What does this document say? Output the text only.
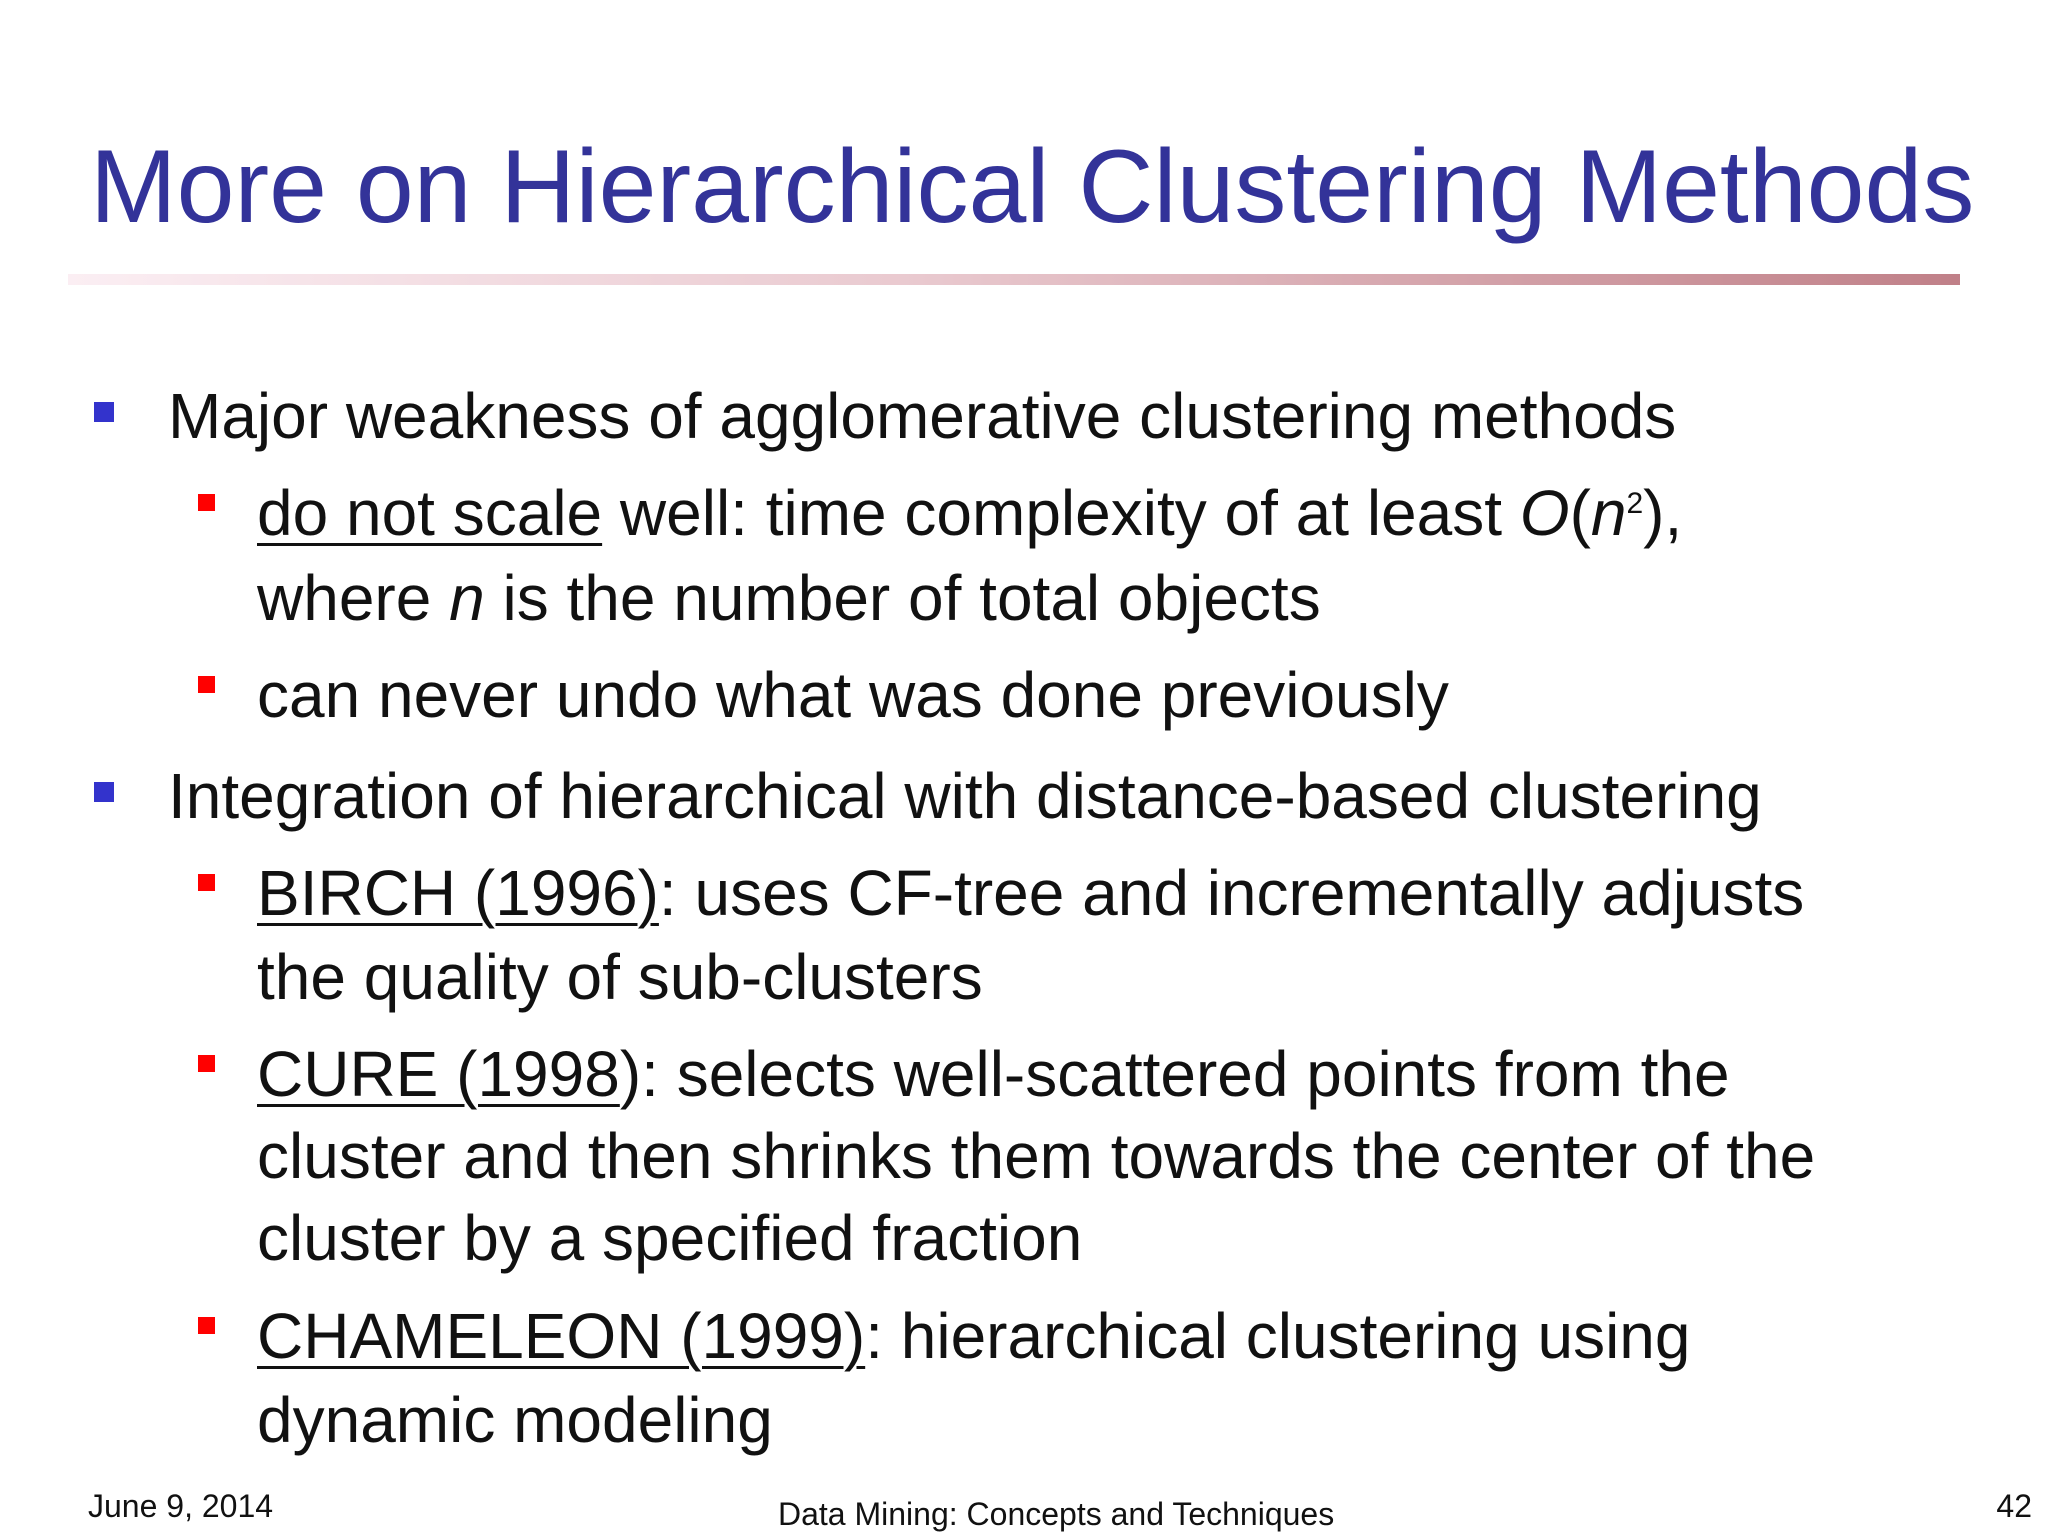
More on Hierarchical Clustering Methods
Major weakness of agglomerative clustering methods
do not scale well: time complexity of at least $O(n^2)$,
where n is the number of total objects
can never undo what was done previously
Integration of hierarchical with distance-based clustering
BIRCH (1996): uses CF-tree and incrementally adjusts
the quality of sub-clusters
CURE (1998): selects well-scattered points from the
cluster and then shrinks them towards the center of the
cluster by a specified fraction
CHAMELEON (1999): hierarchical clustering using
dynamic modeling
June 9, 2014	Data Mining: Concepts and Techniques	42
